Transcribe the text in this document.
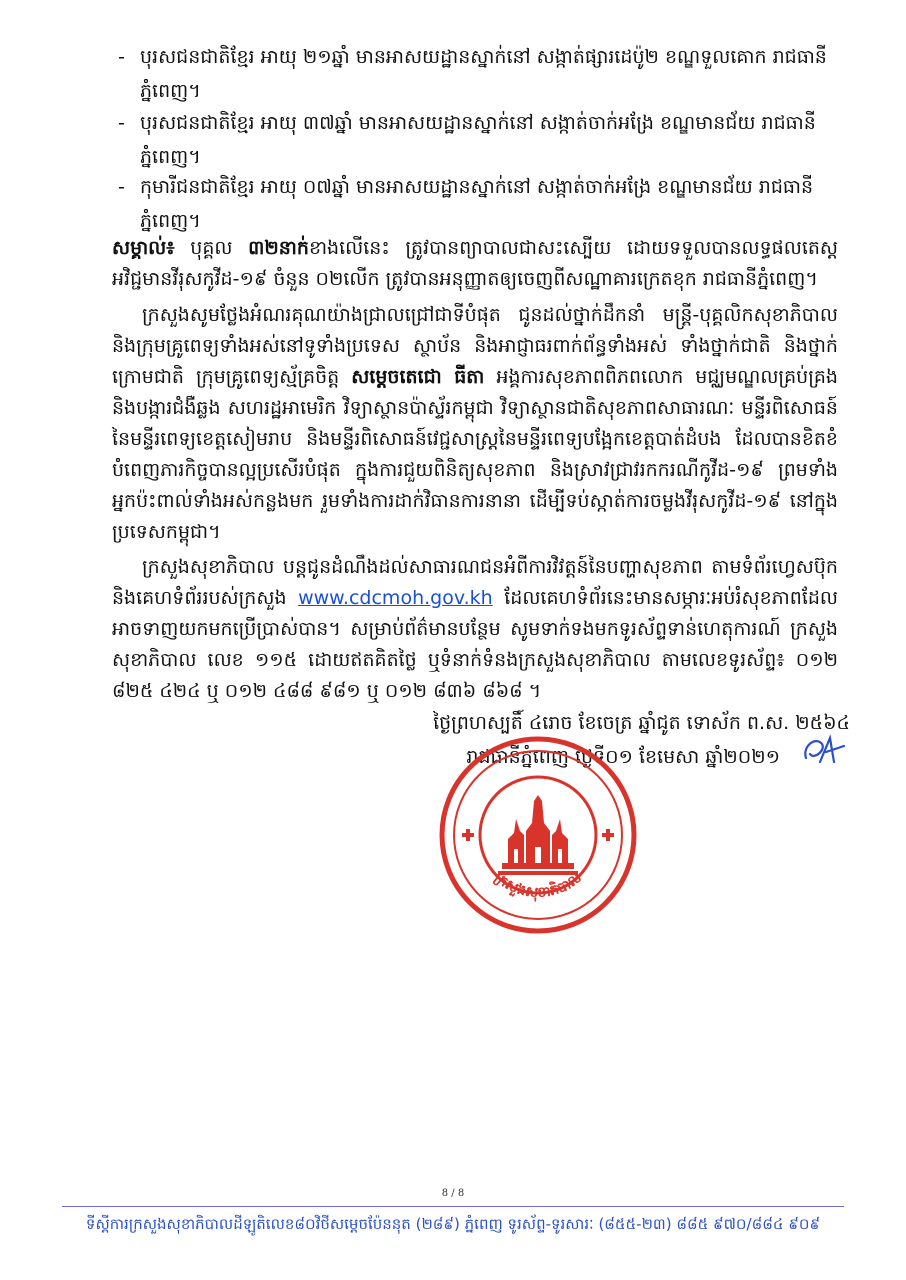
- បុរសជនជាតិខ្មែរ អាយុ ២១ឆ្នាំ មានអាសយដ្ឋានស្នាក់នៅ សង្កាត់ផ្សារដេប៉ូ២ ខណ្ឌទួលគោក រាជធានីភ្នំពេញ។
- បុរសជនជាតិខ្មែរ អាយុ ៣៧ឆ្នាំ មានអាសយដ្ឋានស្នាក់នៅ សង្កាត់ចាក់អង្រែ ខណ្ឌមានជ័យ រាជធានីភ្នំពេញ។
- កុមារីជនជាតិខ្មែរ អាយុ ០៧ឆ្នាំ មានអាសយដ្ឋានស្នាក់នៅ សង្កាត់ចាក់អង្រែ ខណ្ឌមានជ័យ រាជធានីភ្នំពេញ។
សម្គាល់៖ បុគ្គល ៣២នាក់ខាងលើនេះ ត្រូវបានព្យាបាលជាសះស្បើយ ដោយទទួលបានលទ្ធផលតេស្តអវិជ្ជមានវីរុសកូវីដ-១៩ ចំនួន ០២លើក ត្រូវបានអនុញ្ញាតឲ្យចេញពីសណ្ឋាគារក្រេតខុក រាជធានីភ្នំពេញ។
ក្រសួងសូមថ្លែងអំណរគុណយ៉ាងជ្រាលជ្រៅជាទីបំផុត ជូនដល់ថ្នាក់ដឹកនាំ មន្ត្រី-បុគ្គលិកសុខាភិបាល និងក្រុមគ្រូពេទ្យទាំងអស់នៅទូទាំងប្រទេស ស្ថាប័ន និងអាជ្ញាធរពាក់ព័ន្ធទាំងអស់ ទាំងថ្នាក់ជាតិ និងថ្នាក់ក្រោមជាតិ ក្រុមគ្រូពេទ្យស្ម័គ្រចិត្ត សម្តេចតេជោ ធីតា អង្គការសុខភាពពិភពលោក មជ្ឈមណ្ឌលគ្រប់គ្រង និងបង្ការជំងឺឆ្លង សហរដ្ឋអាមេរិក វិទ្យាស្ថានប៉ាស្ទ័រកម្ពុជា វិទ្យាស្ថានជាតិសុខភាពសាធារណៈ មន្ទីរពិសោធន៍នៃមន្ទីរពេទ្យខេត្តសៀមរាប និងមន្ទីរពិសោធន៍វេជ្ជសាស្ត្រនៃមន្ទីរពេទ្យបង្អែកខេត្តបាត់ដំបង ដែលបានខិតខំបំពេញភារកិច្ចបានល្អប្រសើរបំផុត ក្នុងការជួយពិនិត្យសុខភាព និងស្រាវជ្រាវរកករណីកូវីដ-១៩ ព្រមទាំងអ្នកប៉ះពាល់ទាំងអស់កន្លងមក រួមទាំងការដាក់វិធានការនានា ដើម្បីទប់ស្កាត់ការចម្លងវីរុសកូវីដ-១៩ នៅក្នុងប្រទេសកម្ពុជា។
ក្រសួងសុខាភិបាល បន្តជូនដំណឹងដល់សាធារណជនអំពីការវិវត្តន៍នៃបញ្ហាសុខភាព តាមទំព័រហ្វេសប៊ុក និងគេហទំព័ររបស់ក្រសួង www.cdcmoh.gov.kh ដែលគេហទំព័រនេះមានសម្ភារៈអប់រំសុខភាពដែលអាចទាញយកមកប្រើប្រាស់បាន។ សម្រាប់ព័ត៌មានបន្ថែម សូមទាក់ទងមកទូរស័ព្ទទាន់ហេតុការណ៍ ក្រសួងសុខាភិបាល លេខ ១១៥ ដោយឥតគិតថ្លៃ ឬទំនាក់ទំនងក្រសួងសុខាភិបាល តាមលេខទូរស័ព្ទ៖ ០១២ ៨២៥ ៤២៤ ឬ ០១២ ៤៨៨ ៩៨១ ឬ ០១២ ៨៣៦ ៨៦៨ ។
ថ្ងៃព្រហស្បតិ៍ ៤រោច ខែចេត្រ ឆ្នាំជូត ទោស័ក ព.ស. ២៥៦៤
រាជធានីភ្នំពេញ ថ្ងៃទី០១ ខែមេសា ឆ្នាំ២០២១
ក្រសួងសុខាភិបាល
8 / 8
ទីស្តីការក្រសួងសុខាភិបាលដីឡូតិលេខ៨០វិថីសម្តេចប៉ែននុត (២៨៩) ភ្នំពេញ ទូរស័ព្ទ-ទូរសារៈ (៨៥៥-២៣) ៨៨៥ ៩៧០/៨៨៤ ៩០៩
